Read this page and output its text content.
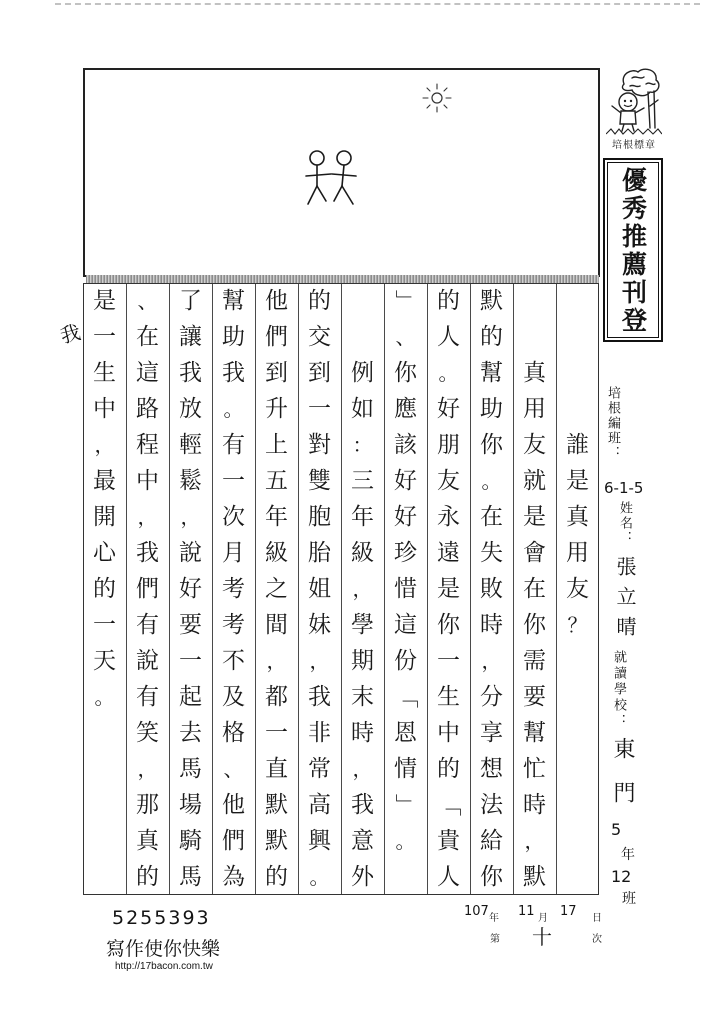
誰
是
真
用
友
？

真
用
友
就
是
會
在
你
需
要
幫
忙
時
，
默
默
的
幫
助
你
。
在
失
敗
時
，
分
享
想
法
給
你
的
人
。
好
朋
友
永
遠
是
你
一
生
中
的
「
貴
人
」
、
你
應
該
好
好
珍
惜
這
份
「
恩
情
」
。

例
如
：
三
年
級
，
學
期
末
時
，
我
意
外
的
交
到
一
對
雙
胞
胎
姐
妹
，
我
非
常
高
興
。
他
們
到
升
上
五
年
級
之
間
，
都
一
直
默
默
的
幫
助
我
。
有
一
次
月
考
考
不
及
格
、
他
們
為
了
讓
我
放
輕
鬆
，
說
好
要
一
起
去
馬
場
騎
馬
、
在
這
路
程
中
，
我
們
有
說
有
笑
，
那
真
的
是
一
生
中
，
最
開
心
的
一
天
。
我
培根標章
優秀推薦刊登
培根編班：
6-1-5
姓名：
張立晴
就讀學校：
東門
5
年
12
班
5255393
寫作使你快樂
http://17bacon.com.tw
107 年 11 月 17 日
第 十	次
